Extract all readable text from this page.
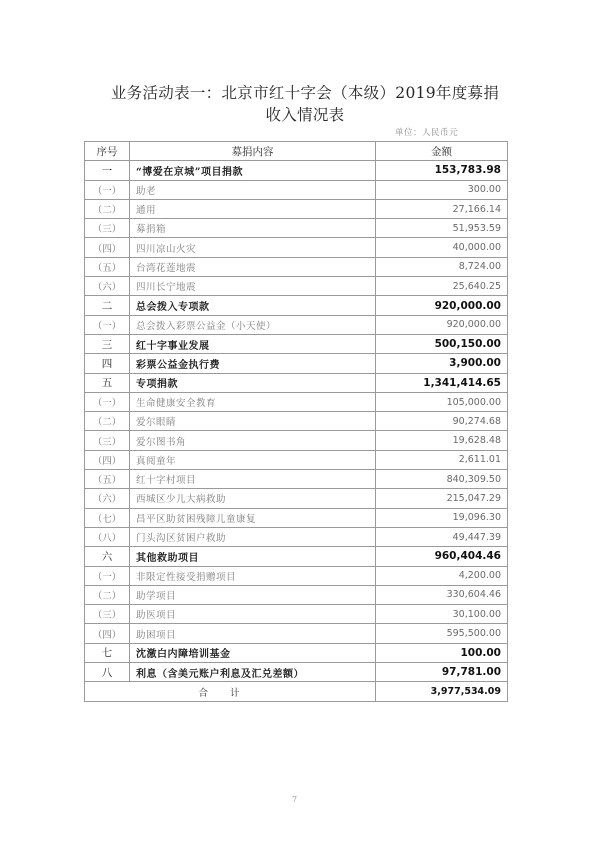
业务活动表一：北京市红十字会（本级）2019年度募捐
收入情况表
单位：人民币元
序号	募捐内容	金额
一	“博爱在京城”项目捐款	153,783.98
（一）	助老	300.00
（二）	通用	27,166.14
（三）	募捐箱	51,953.59
（四）	四川凉山火灾	40,000.00
（五）	台湾花莲地震	8,724.00
（六）	四川长宁地震	25,640.25
二	总会拨入专项款	920,000.00
（一）	总会拨入彩票公益金（小天使）	920,000.00
三	红十字事业发展	500,150.00
四	彩票公益金执行费	3,900.00
五	专项捐款	1,341,414.65
（一）	生命健康安全教育	105,000.00
（二）	爱尔眼睛	90,274.68
（三）	爱尔图书角	19,628.48
（四）	真阅童年	2,611.01
（五）	红十字村项目	840,309.50
（六）	西城区少儿大病救助	215,047.29
（七）	昌平区助贫困残障儿童康复	19,096.30
（八）	门头沟区贫困户救助	49,447.39
六	其他救助项目	960,404.46
（一）	非限定性接受捐赠项目	4,200.00
（二）	助学项目	330,604.46
（三）	助医项目	30,100.00
（四）	助困项目	595,500.00
七	沈激白内障培训基金	100.00
八	利息（含美元账户利息及汇兑差额）	97,781.00
合计		3,977,534.09
7
